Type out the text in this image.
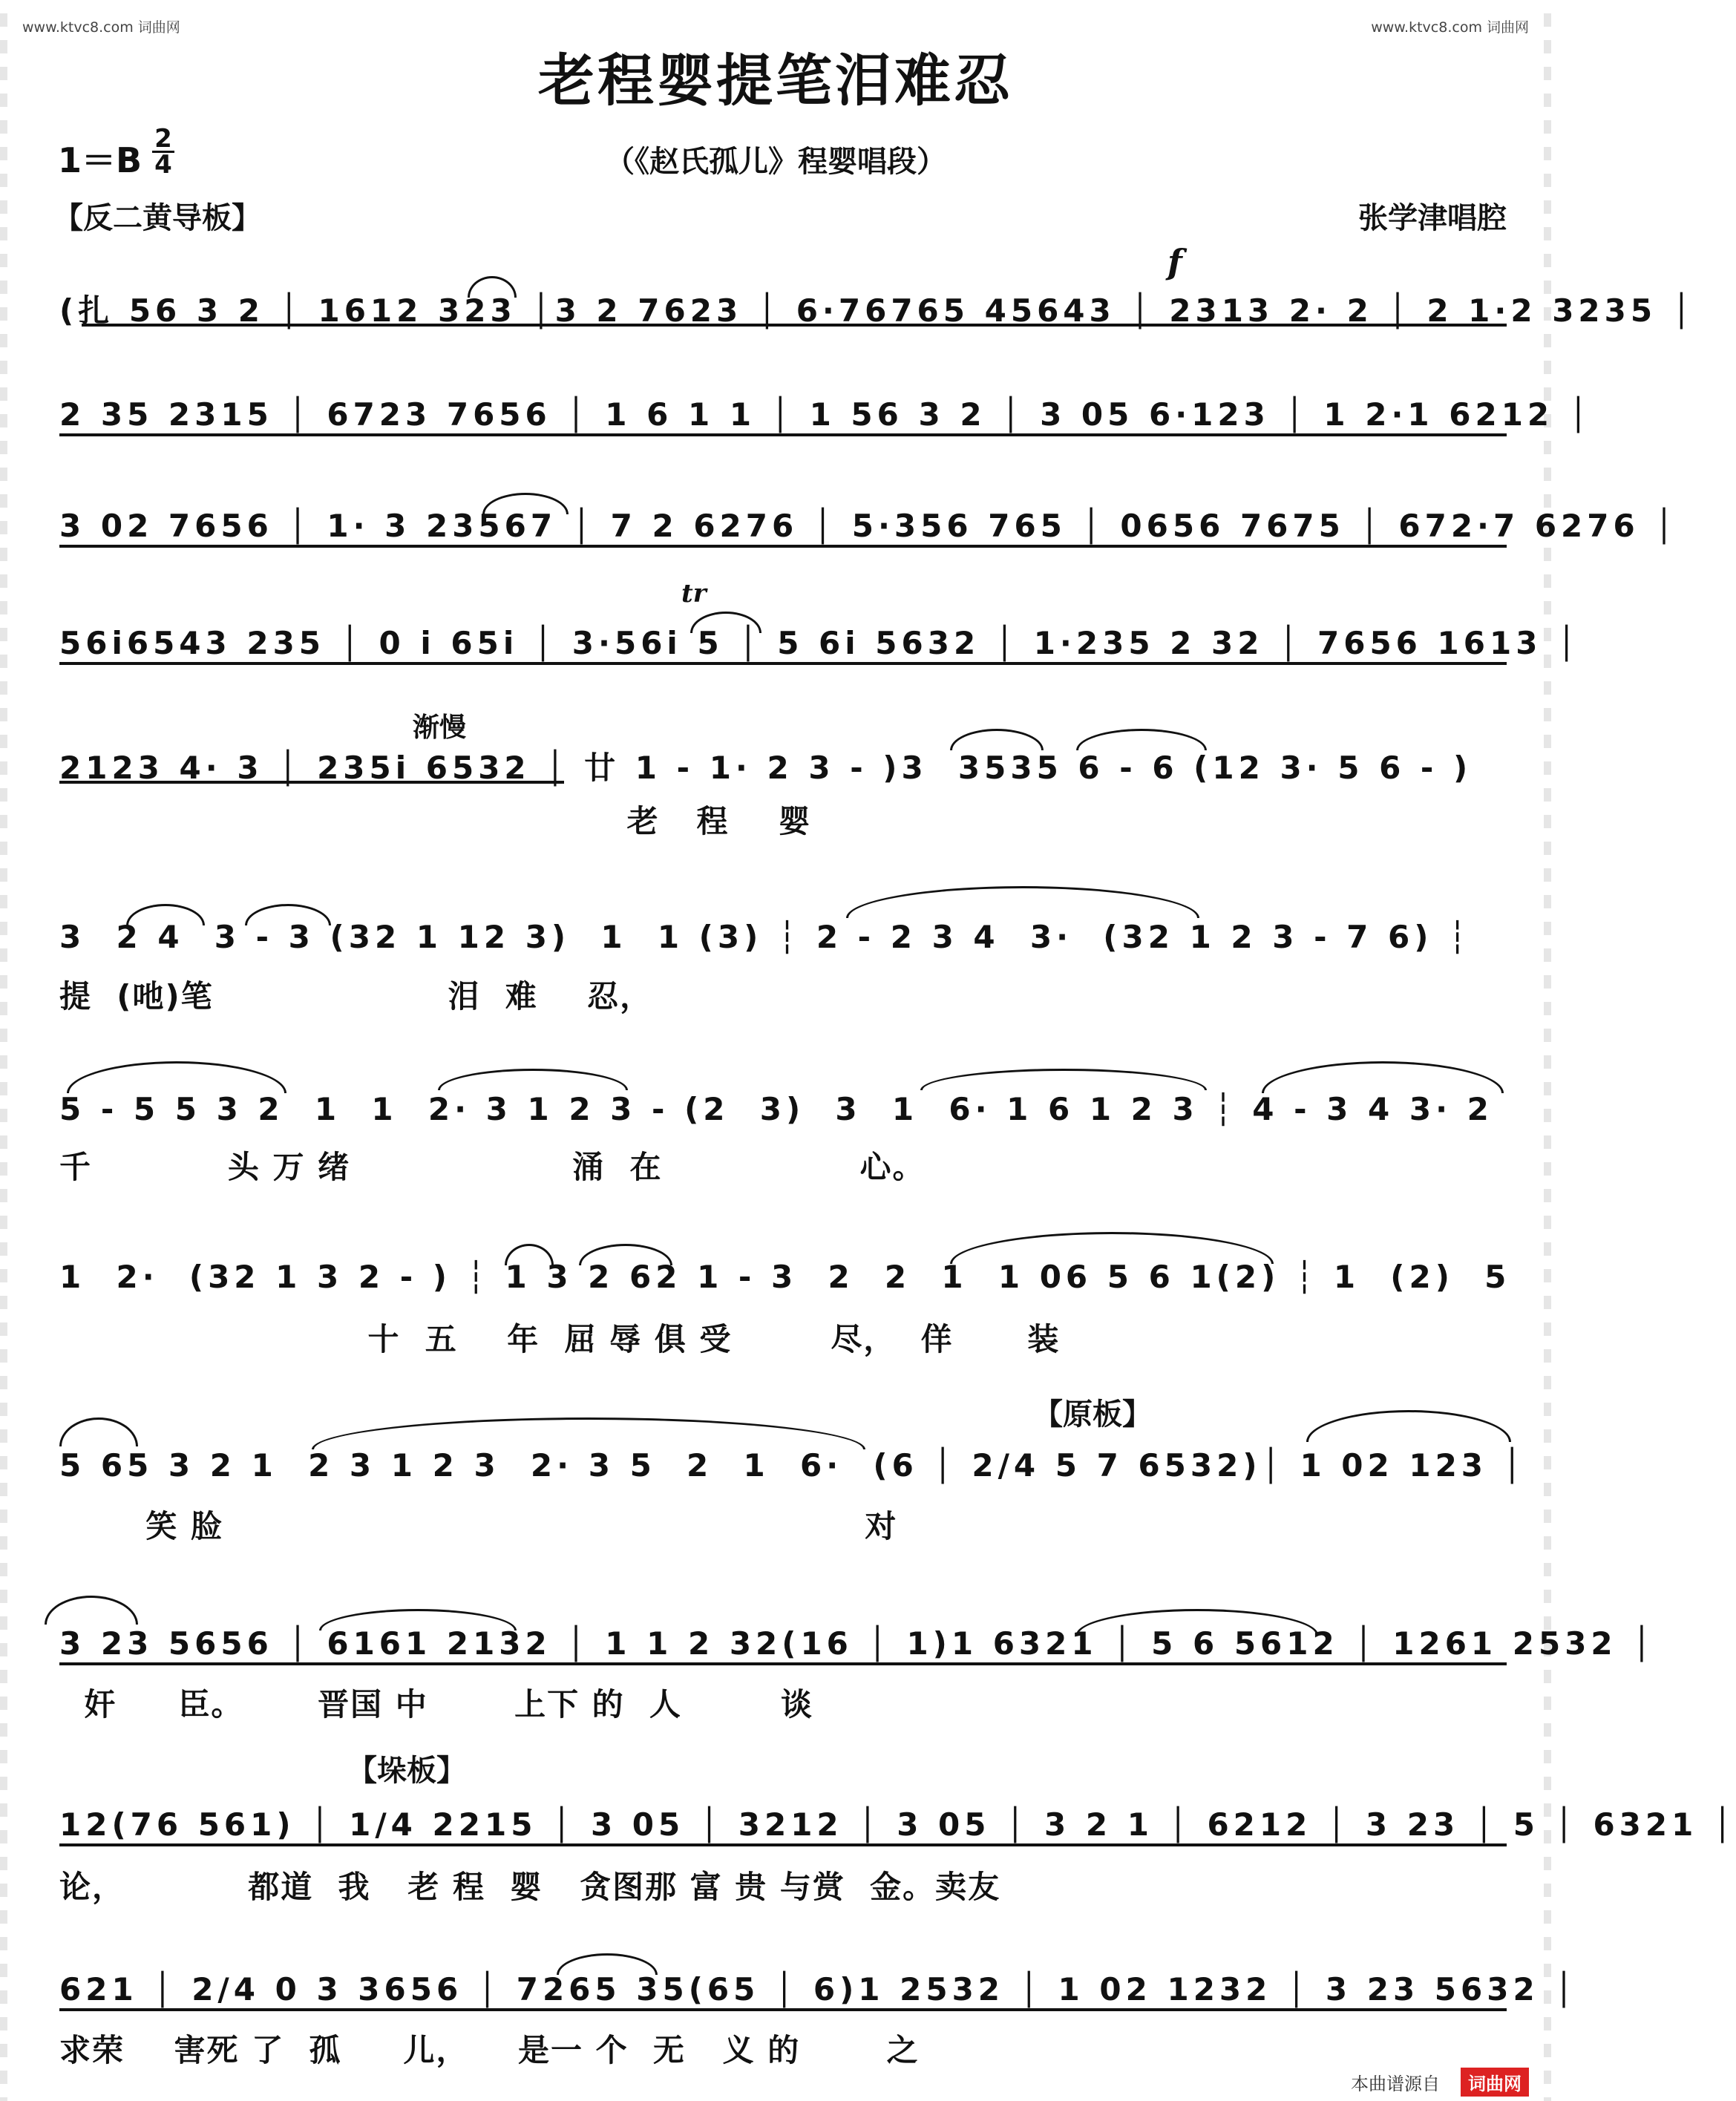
www.ktvc8.com 词曲网	www.ktvc8.com 词曲网
老程婴提笔泪难忍
1＝B
2
4	（《赵氏孤儿》程婴唱段）
【反二黄导板】	张学津唱腔
f
tr
渐慢
【原板】
【垛板】
(扎 56 3 2 │ 1612 323 │3 2 7623 │ 6·76765 45643 │ 2313 2· 2 │ 2 1·2 3235 │
2 35 2315 │ 6723 7656 │ 1 6 1 1 │ 1 56 3 2 │ 3 05 6·123 │ 1 2·1 6212 │
3 02 7656 │ 1· 3 23567 │ 7 2 6276 │ 5·356 765 │ 0656 7675 │ 672·7 6276 │
56i6543 235 │ 0 i 65i │ 3·56i 5 │ 5 6i 5632 │ 1·235 2 32 │ 7656 1613 │
2123 4· 3 │ 235i 6532 │ 廿 1 - 1· 2 3 - )3  3535 6 - 6 (12 3· 5 6 - )
老   程    婴
3  2 4  3 - 3 (32 1 12 3)  1  1 (3) ┆ 2 - 2 3 4  3·  (32 1 2 3 - 7 6) ┆
提  (吔)笔                   泪  难    忍，
5 - 5 5 3 2  1  1  2· 3 1 2 3 - (2  3)  3  1  6· 1 6 1 2 3 ┆ 4 - 3 4 3· 2
千           头 万 绪                  涌  在                心。
1  2·  (32 1 3 2 - ) ┆ 1 3 2 62 1 - 3  2  2  1  1 06 5 6 1(2) ┆ 1  (2)  5
十  五    年  屈 辱 俱 受        尽，  佯      装
5 65 3 2 1  2 3 1 2 3  2· 3 5  2  1  6·  (6 │ 2/4 5 7 6532)│ 1 02 123 │
笑 脸                                                    对
3 23 5656 │ 6161 2132 │ 1 1 2 32(16 │ 1)1 6321 │ 5 6 5612 │ 1261 2532 │
奸     臣。      晋国 中       上下 的  人        谈
12(76 561) │ 1/4 2215 │ 3 05 │ 3212 │ 3 05 │ 3 2 1 │ 6212 │ 3 23 │ 5 │ 6321 │
论，          都道  我   老 程  婴   贪图那 富 贵 与赏  金。卖友
621 │ 2/4 0 3 3656 │ 7265 35(65 │ 6)1 2532 │ 1 02 1232 │ 3 23 5632 │
求荣    害死 了  孤     儿，    是一 个  无   义 的       之
本曲谱源自	词曲网
